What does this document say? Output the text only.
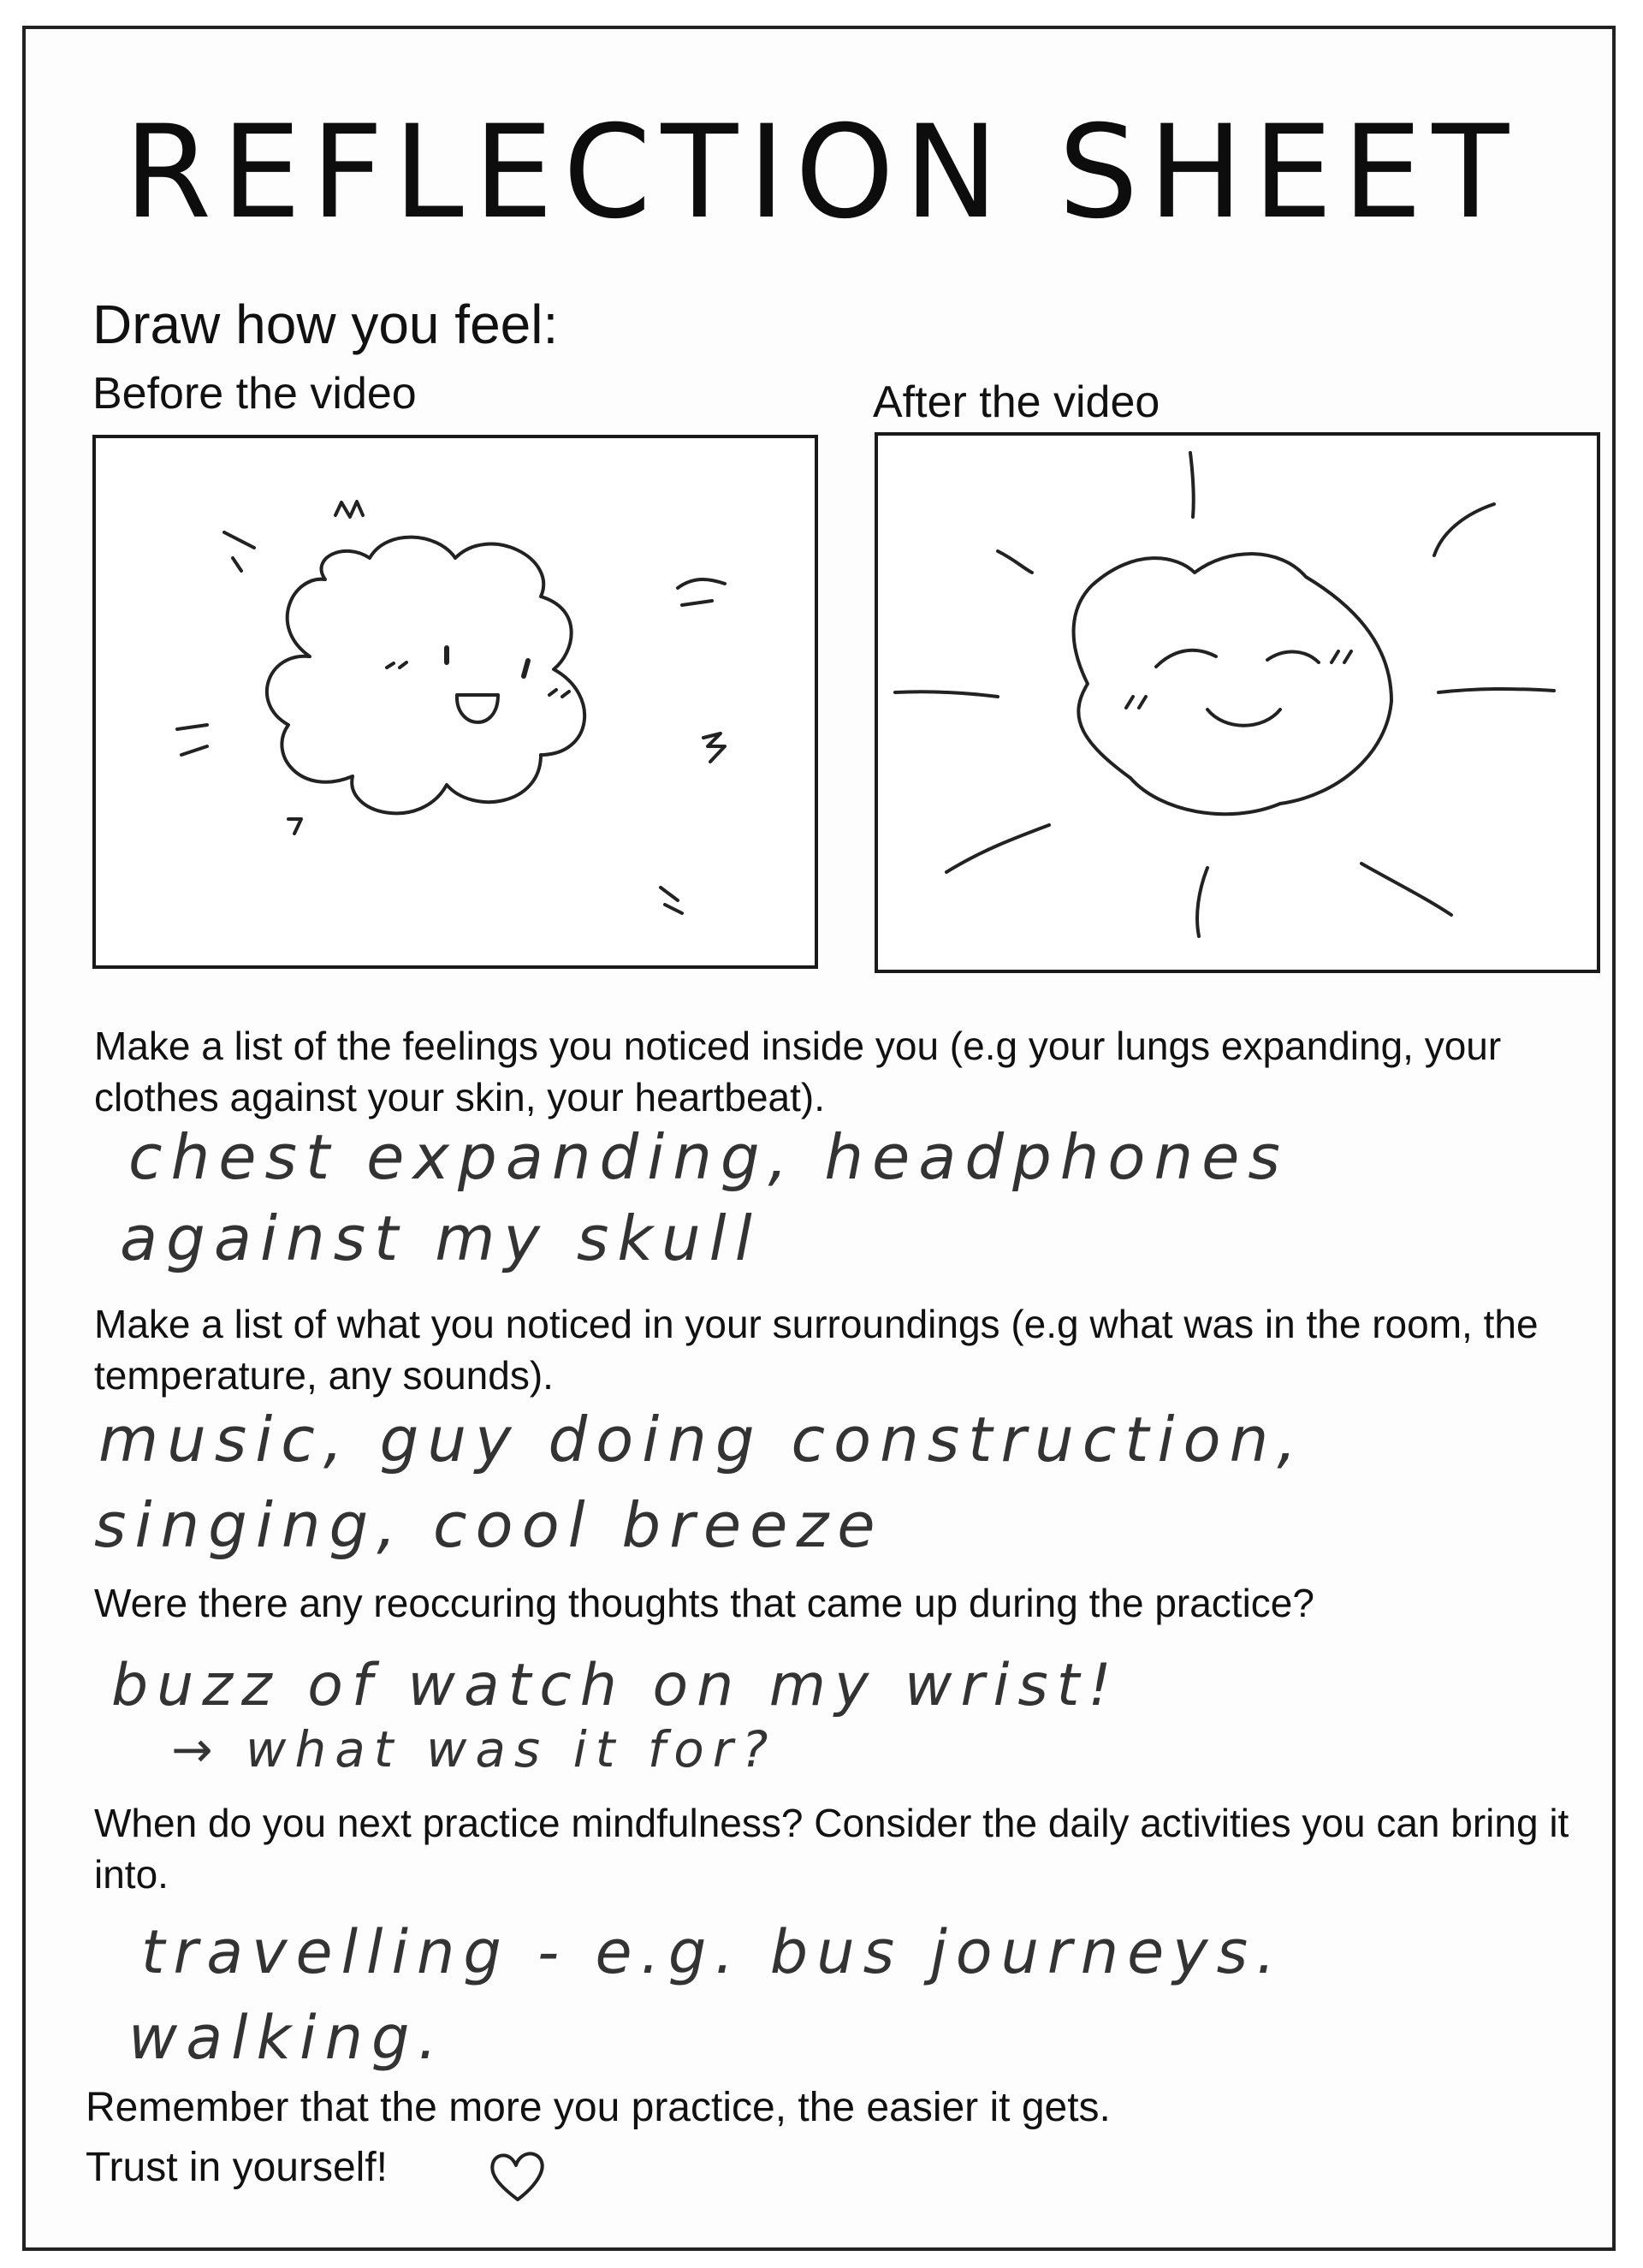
REFLECTION SHEET
Draw how you feel:
Before the video	After the video
Make a list of the feelings you noticed inside you (e.g your lungs expanding, your clothes against your skin, your heartbeat).
chest expanding, headphones
against my skull
Make a list of what you noticed in your surroundings (e.g what was in the room, the temperature, any sounds).
music, guy doing construction,
singing, cool breeze
Were there any reoccuring thoughts that came up during the practice?
buzz of watch on my wrist!
→ what was it for?
When do you next practice mindfulness? Consider the daily activities you can bring it into.
travelling - e.g. bus journeys.
walking.
Remember that the more you practice, the easier it gets.
Trust in yourself!
